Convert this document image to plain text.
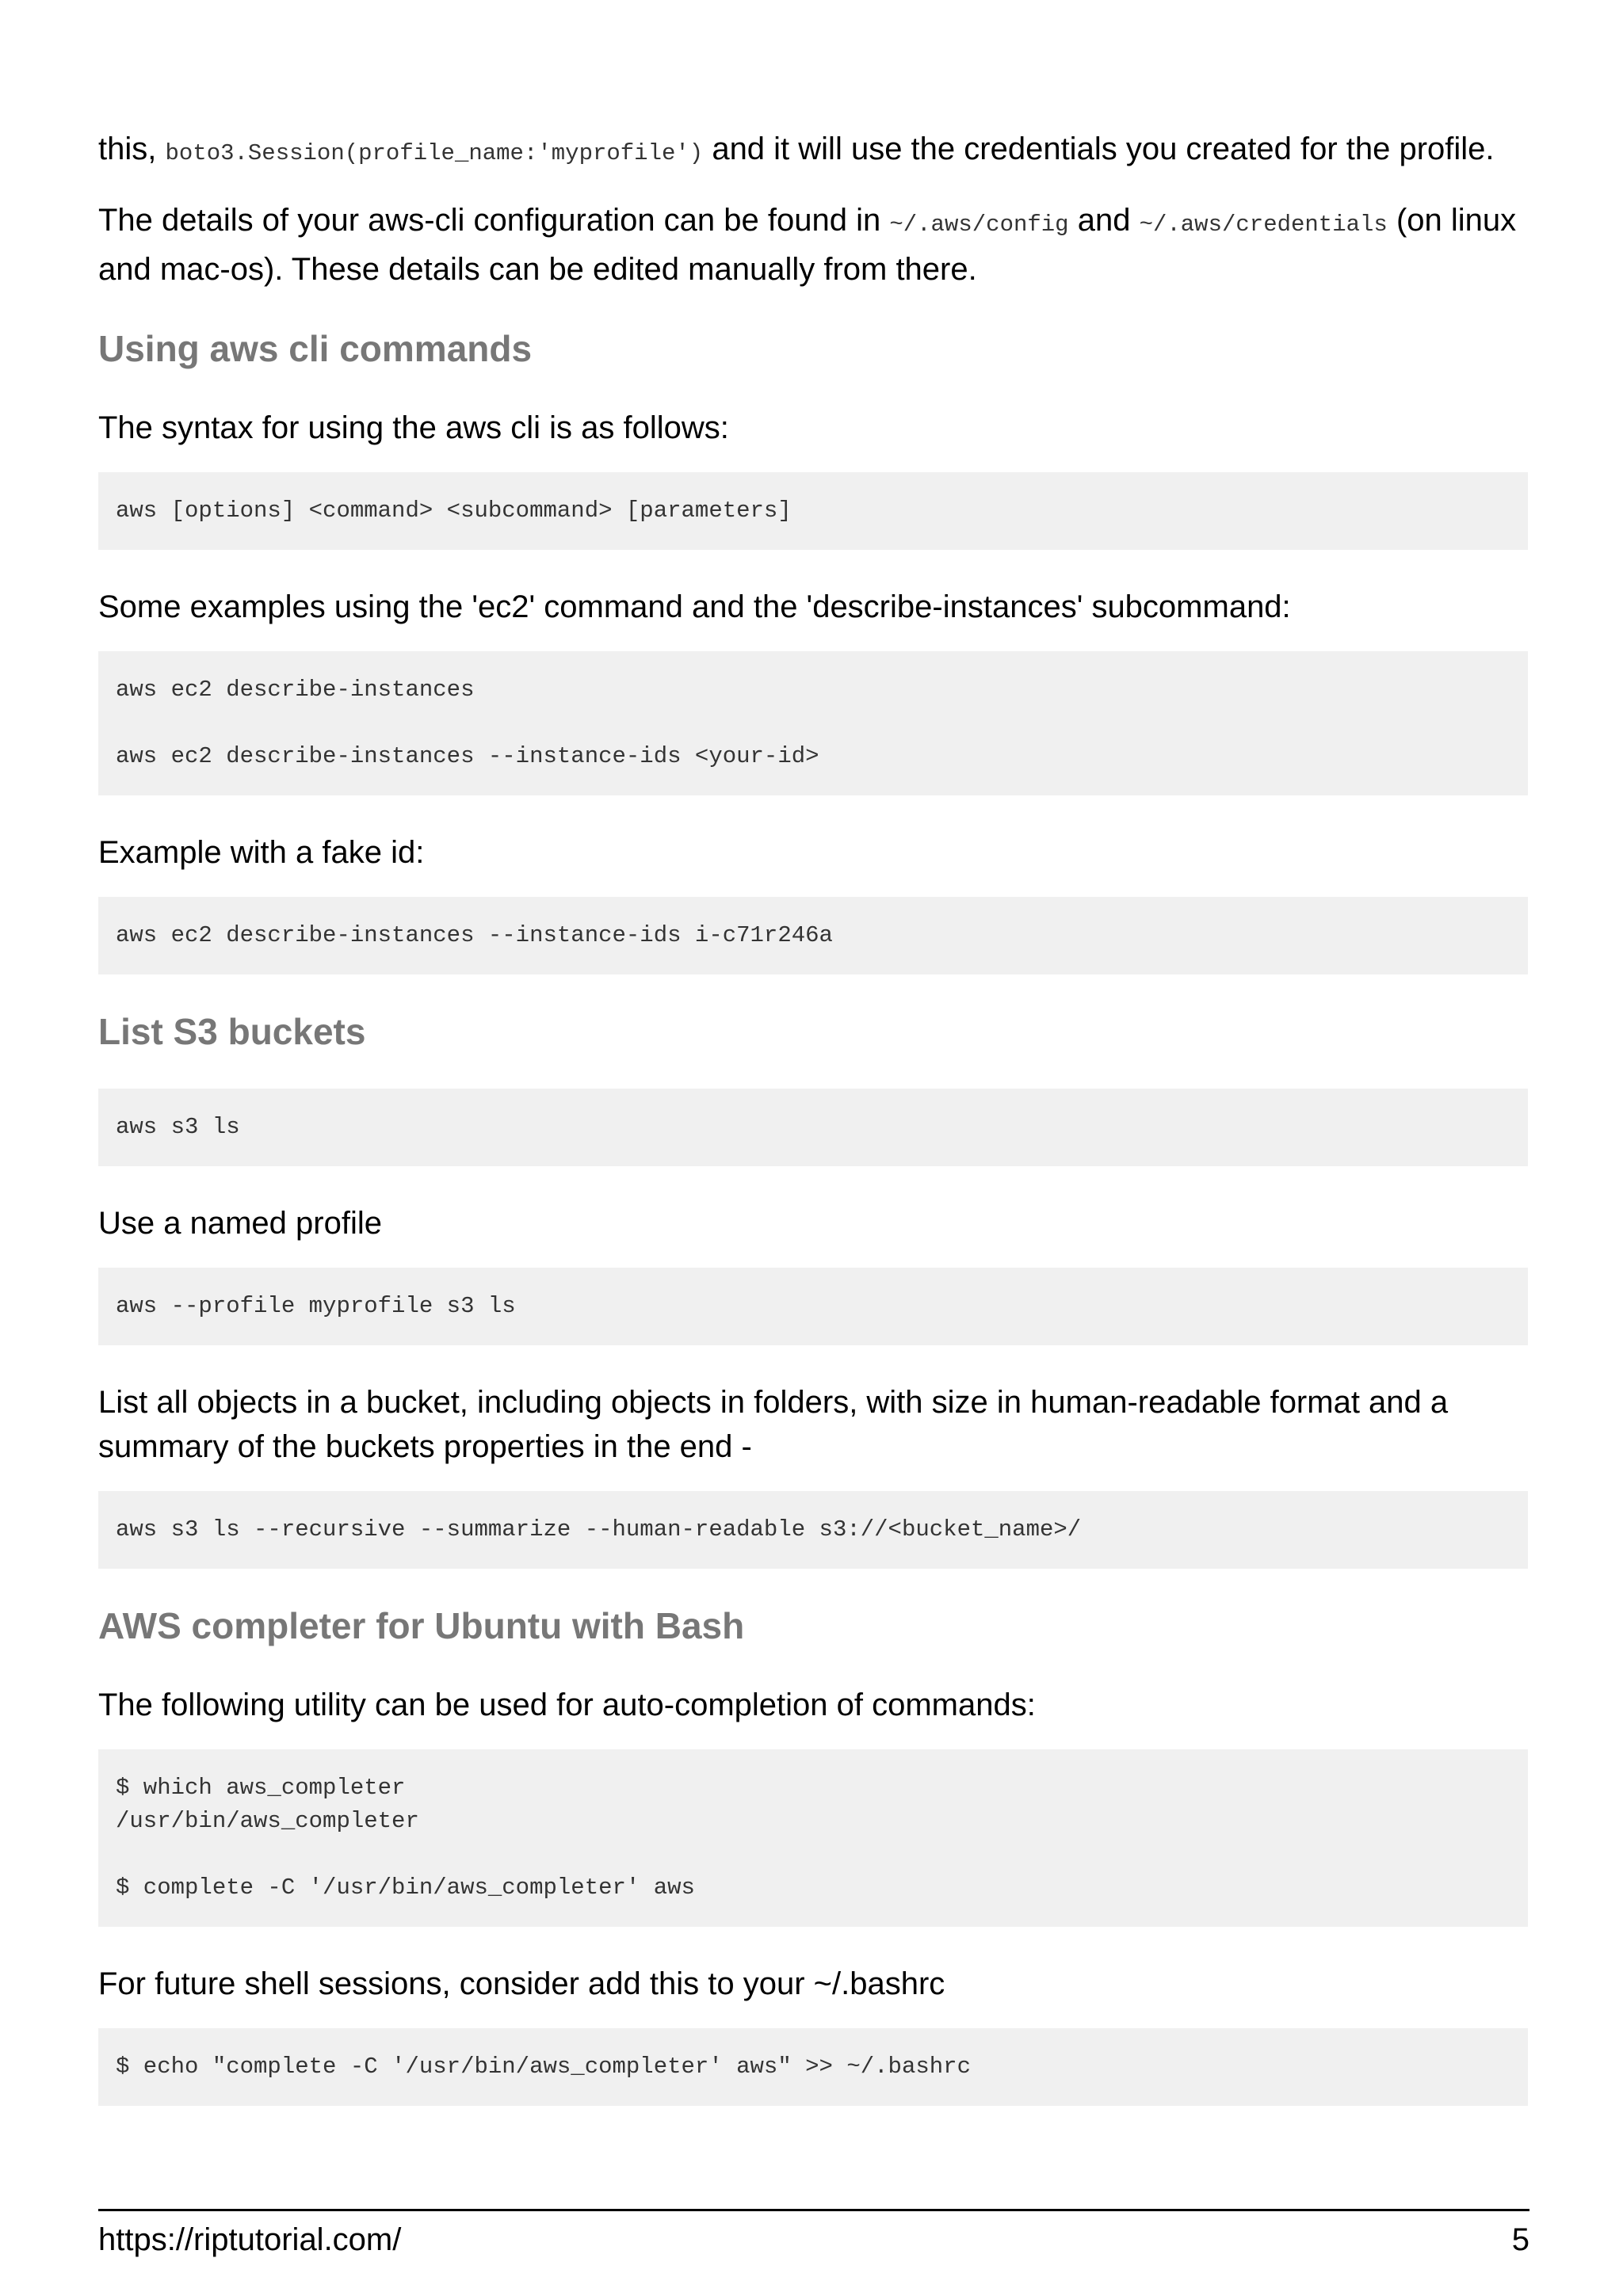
this, boto3.Session(profile_name:'myprofile') and it will use the credentials you created for the profile.

The details of your aws-cli configuration can be found in ~/.aws/config and ~/.aws/credentials (on linux and mac-os). These details can be edited manually from there.

Using aws cli commands

The syntax for using the aws cli is as follows:

aws [options] <command> <subcommand> [parameters]

Some examples using the 'ec2' command and the 'describe-instances' subcommand:

aws ec2 describe-instances
aws ec2 describe-instances --instance-ids <your-id>

Example with a fake id:

aws ec2 describe-instances --instance-ids i-c71r246a
List S3 buckets
aws s3 ls

Use a named profile

aws --profile myprofile s3 ls

List all objects in a bucket, including objects in folders, with size in human-readable format and a summary of the buckets properties in the end -

aws s3 ls --recursive --summarize --human-readable s3://<bucket_name>/
AWS completer for Ubuntu with Bash

The following utility can be used for auto-completion of commands:

$ which aws_completer
/usr/bin/aws_completer
$ complete -C '/usr/bin/aws_completer' aws

For future shell sessions, consider add this to your ~/.bashrc

$ echo "complete -C '/usr/bin/aws_completer' aws" >> ~/.bashrc
https://riptutorial.com/	5
